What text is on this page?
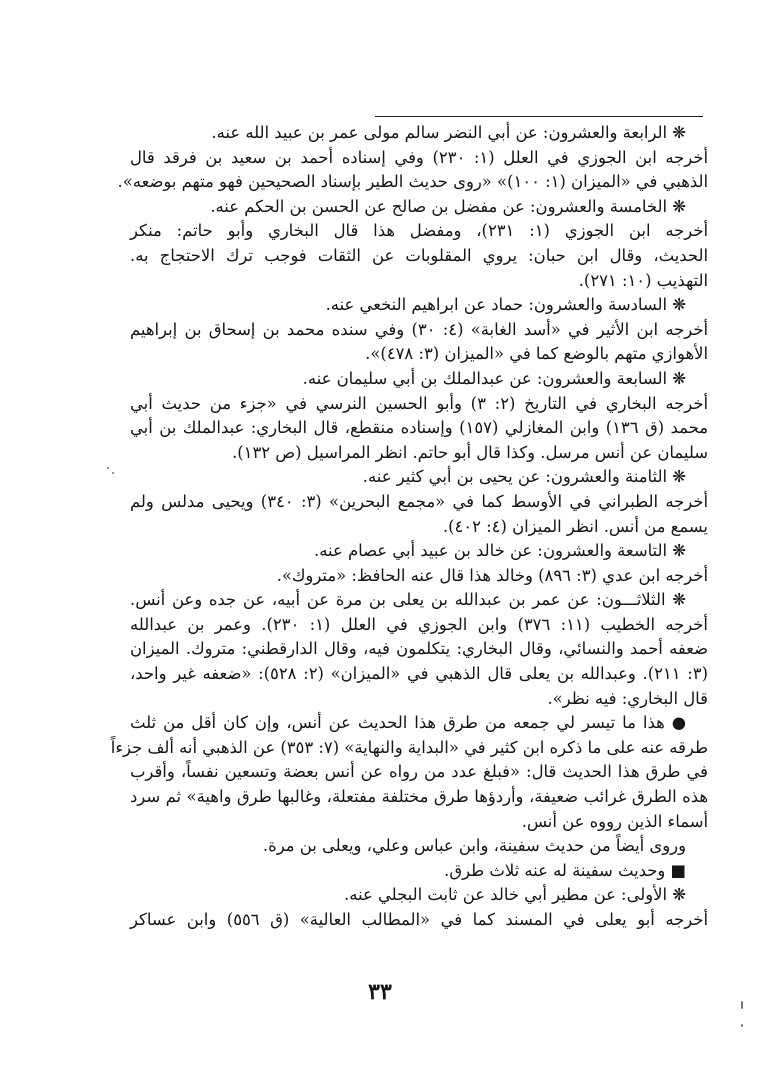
❋ الرابعة والعشرون: عن أبي النضر سالم مولى عمر بن عبيد الله عنه.
أخرجه ابن الجوزي في العلل (١: ٢٣٠) وفي إسناده أحمد بن سعيد بن فرقد قال
الذهبي في «الميزان (١: ١٠٠)» «روى حديث الطير بإسناد الصحيحين فهو متهم بوضعه».
❋ الخامسة والعشرون: عن مفضل بن صالح عن الحسن بن الحكم عنه.
أخرجه ابن الجوزي (١: ٢٣١)، ومفضل هذا قال البخاري وأبو حاتم: منكر
الحديث، وقال ابن حبان: يروي المقلوبات عن الثقات فوجب ترك الاحتجاج به.
التهذيب (١٠: ٢٧١).
❋ السادسة والعشرون: حماد عن ابراهيم النخعي عنه.
أخرجه ابن الأثير في «أسد الغابة» (٤: ٣٠) وفي سنده محمد بن إسحاق بن إبراهيم
الأهوازي متهم بالوضع كما في «الميزان (٣: ٤٧٨)».
❋ السابعة والعشرون: عن عبدالملك بن أبي سليمان عنه.
أخرجه البخاري في التاريخ (٢: ٣) وأبو الحسين النرسي في «جزء من حديث أبي
محمد (ق ١٣٦) وابن المغازلي (١٥٧) وإسناده منقطع، قال البخاري: عبدالملك بن أبي
سليمان عن أنس مرسل. وكذا قال أبو حاتم. انظر المراسيل (ص ١٣٢).
❋ الثامنة والعشرون: عن يحيى بن أبي كثير عنه.
أخرجه الطبراني في الأوسط كما في «مجمع البحرين» (٣: ٣٤٠) ويحيى مدلس ولم
يسمع من أنس. انظر الميزان (٤: ٤٠٢).
❋ التاسعة والعشرون: عن خالد بن عبيد أبي عصام عنه.
أخرجه ابن عدي (٣: ٨٩٦) وخالد هذا قال عنه الحافظ: «متروك».
❋ الثلاثـــون: عن عمر بن عبدالله بن يعلى بن مرة عن أبيه، عن جده وعن أنس.
أخرجه الخطيب (١١: ٣٧٦) وابن الجوزي في العلل (١: ٢٣٠). وعمر بن عبدالله
ضعفه أحمد والنسائي، وقال البخاري: يتكلمون فيه، وقال الدارقطني: متروك. الميزان
(٣: ٢١١). وعبدالله بن يعلى قال الذهبي في «الميزان» (٢: ٥٢٨): «ضعفه غير واحد،
قال البخاري: فيه نظر».
● هذا ما تيسر لي جمعه من طرق هذا الحديث عن أنس، وإن كان أقل من ثلث
طرقه عنه على ما ذكره ابن كثير في «البداية والنهاية» (٧: ٣٥٣) عن الذهبي أنه ألف جزءاً
في طرق هذا الحديث قال: «فبلغ عدد من رواه عن أنس بعضة وتسعين نفساً، وأقرب
هذه الطرق غرائب ضعيفة، وأردؤها طرق مختلفة مفتعلة، وغالبها طرق واهية» ثم سرد
أسماء الذين رووه عن أنس.
وروى أيضاً من حديث سفينة، وابن عباس وعلي، ويعلى بن مرة.
■ وحديث سفينة له عنه ثلاث طرق.
❋ الأولى: عن مطير أبي خالد عن ثابت البجلي عنه.
أخرجه أبو يعلى في المسند كما في «المطالب العالية» (ق ٥٥٦) وابن عساكر
٣٣
